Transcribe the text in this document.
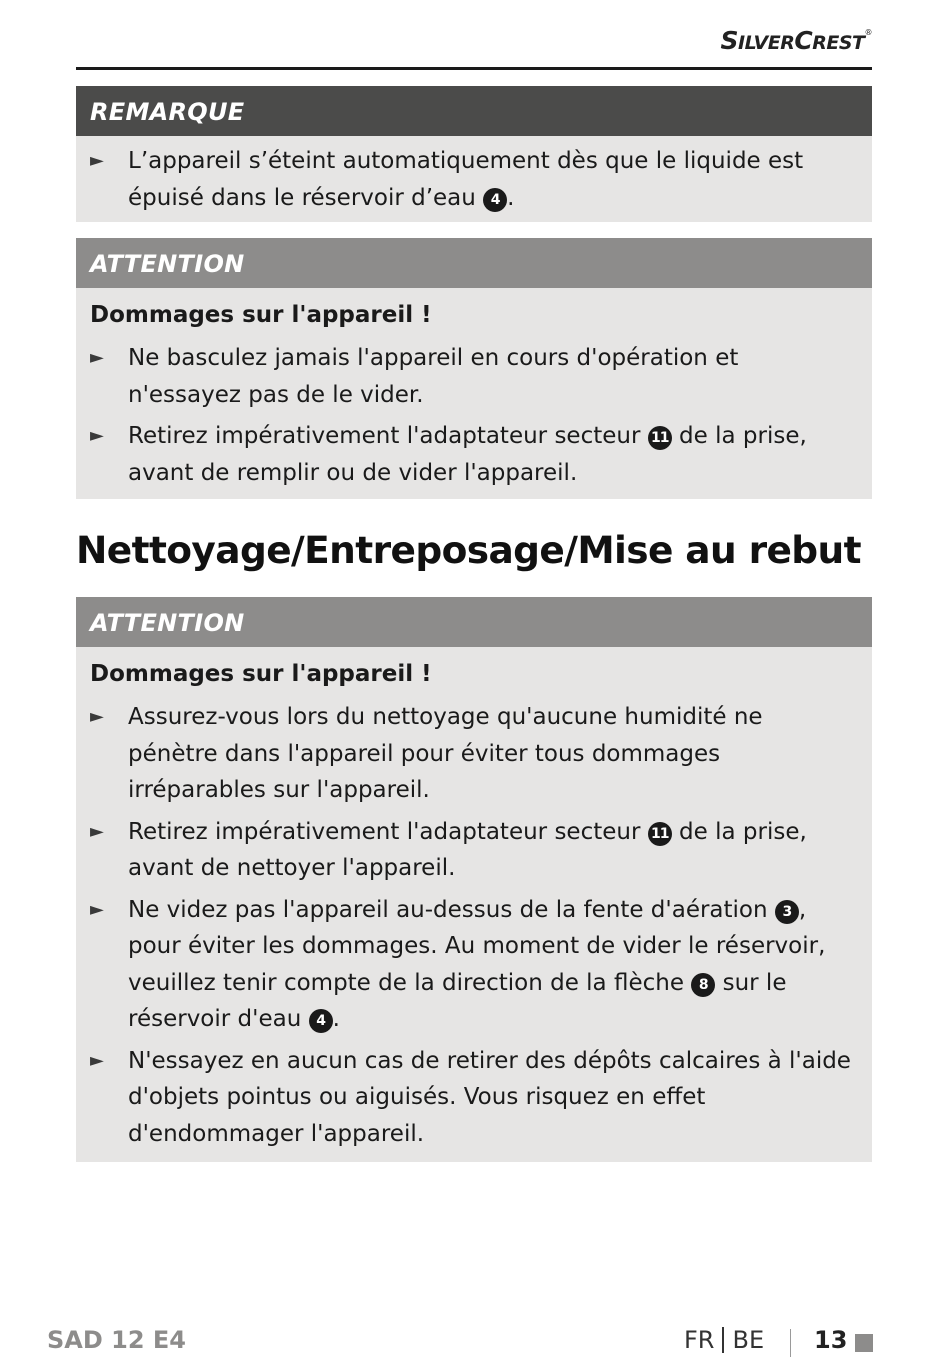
SILVERCREST®
REMARQUE
► L’appareil s’éteint automatiquement dès que le liquide est épuisé dans le réservoir d’eau 4 .
ATTENTION
Dommages sur l'appareil !
► Ne basculez jamais l'appareil en cours d'opération et n'essayez pas de le vider.
► Retirez impérativement l'adaptateur secteur 11 de la prise, avant de remplir ou de vider l'appareil.
Nettoyage/Entreposage/Mise au rebut
ATTENTION
Dommages sur l'appareil !
► Assurez-vous lors du nettoyage qu'aucune humidité ne pénètre dans l'appareil pour éviter tous dommages irréparables sur l'appareil.
► Retirez impérativement l'adaptateur secteur 11 de la prise, avant de nettoyer l'appareil.
► Ne videz pas l'appareil au-dessus de la fente d'aération 3 , pour éviter les dommages. Au moment de vider le réservoir, veuillez tenir compte de la direction de la flèche 8 sur le réservoir d'eau 4 .
► N'essayez en aucun cas de retirer des dépôts calcaires à l'aide d'objets pointus ou aiguisés. Vous risquez en effet d'endommager l'appareil.
SAD 12 E4	FR BE 13
